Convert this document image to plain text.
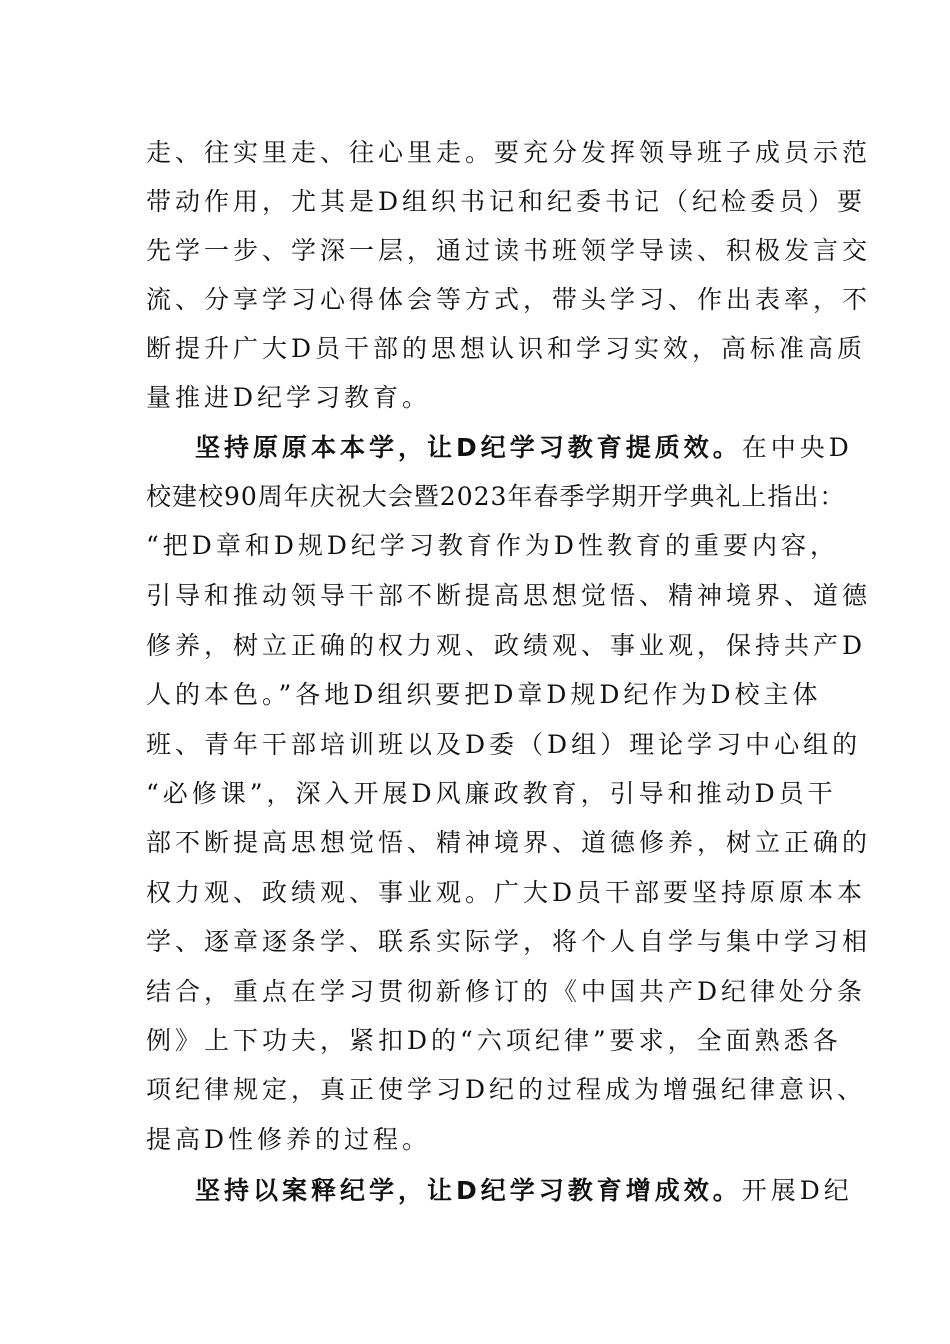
走、往实里走、往心里走。要充分发挥领导班子成员示范
带动作用，尤其是D组织书记和纪委书记（纪检委员）要
先学一步、学深一层，通过读书班领学导读、积极发言交
流、分享学习心得体会等方式，带头学习、作出表率，不
断提升广大D员干部的思想认识和学习实效，高标准高质
量推进D纪学习教育。
坚持原原本本学，让D纪学习教育提质效。在中央D
校建校90周年庆祝大会暨2023年春季学期开学典礼上指出：
“把D章和D规D纪学习教育作为D性教育的重要内容，
引导和推动领导干部不断提高思想觉悟、精神境界、道德
修养，树立正确的权力观、政绩观、事业观，保持共产D
人的本色。”各地D组织要把D章D规D纪作为D校主体
班、青年干部培训班以及D委（D组）理论学习中心组的
“必修课”，深入开展D风廉政教育，引导和推动D员干
部不断提高思想觉悟、精神境界、道德修养，树立正确的
权力观、政绩观、事业观。广大D员干部要坚持原原本本
学、逐章逐条学、联系实际学，将个人自学与集中学习相
结合，重点在学习贯彻新修订的《中国共产D纪律处分条
例》上下功夫，紧扣D的“六项纪律”要求，全面熟悉各
项纪律规定，真正使学习D纪的过程成为增强纪律意识、
提高D性修养的过程。
坚持以案释纪学，让D纪学习教育增成效。开展D纪
